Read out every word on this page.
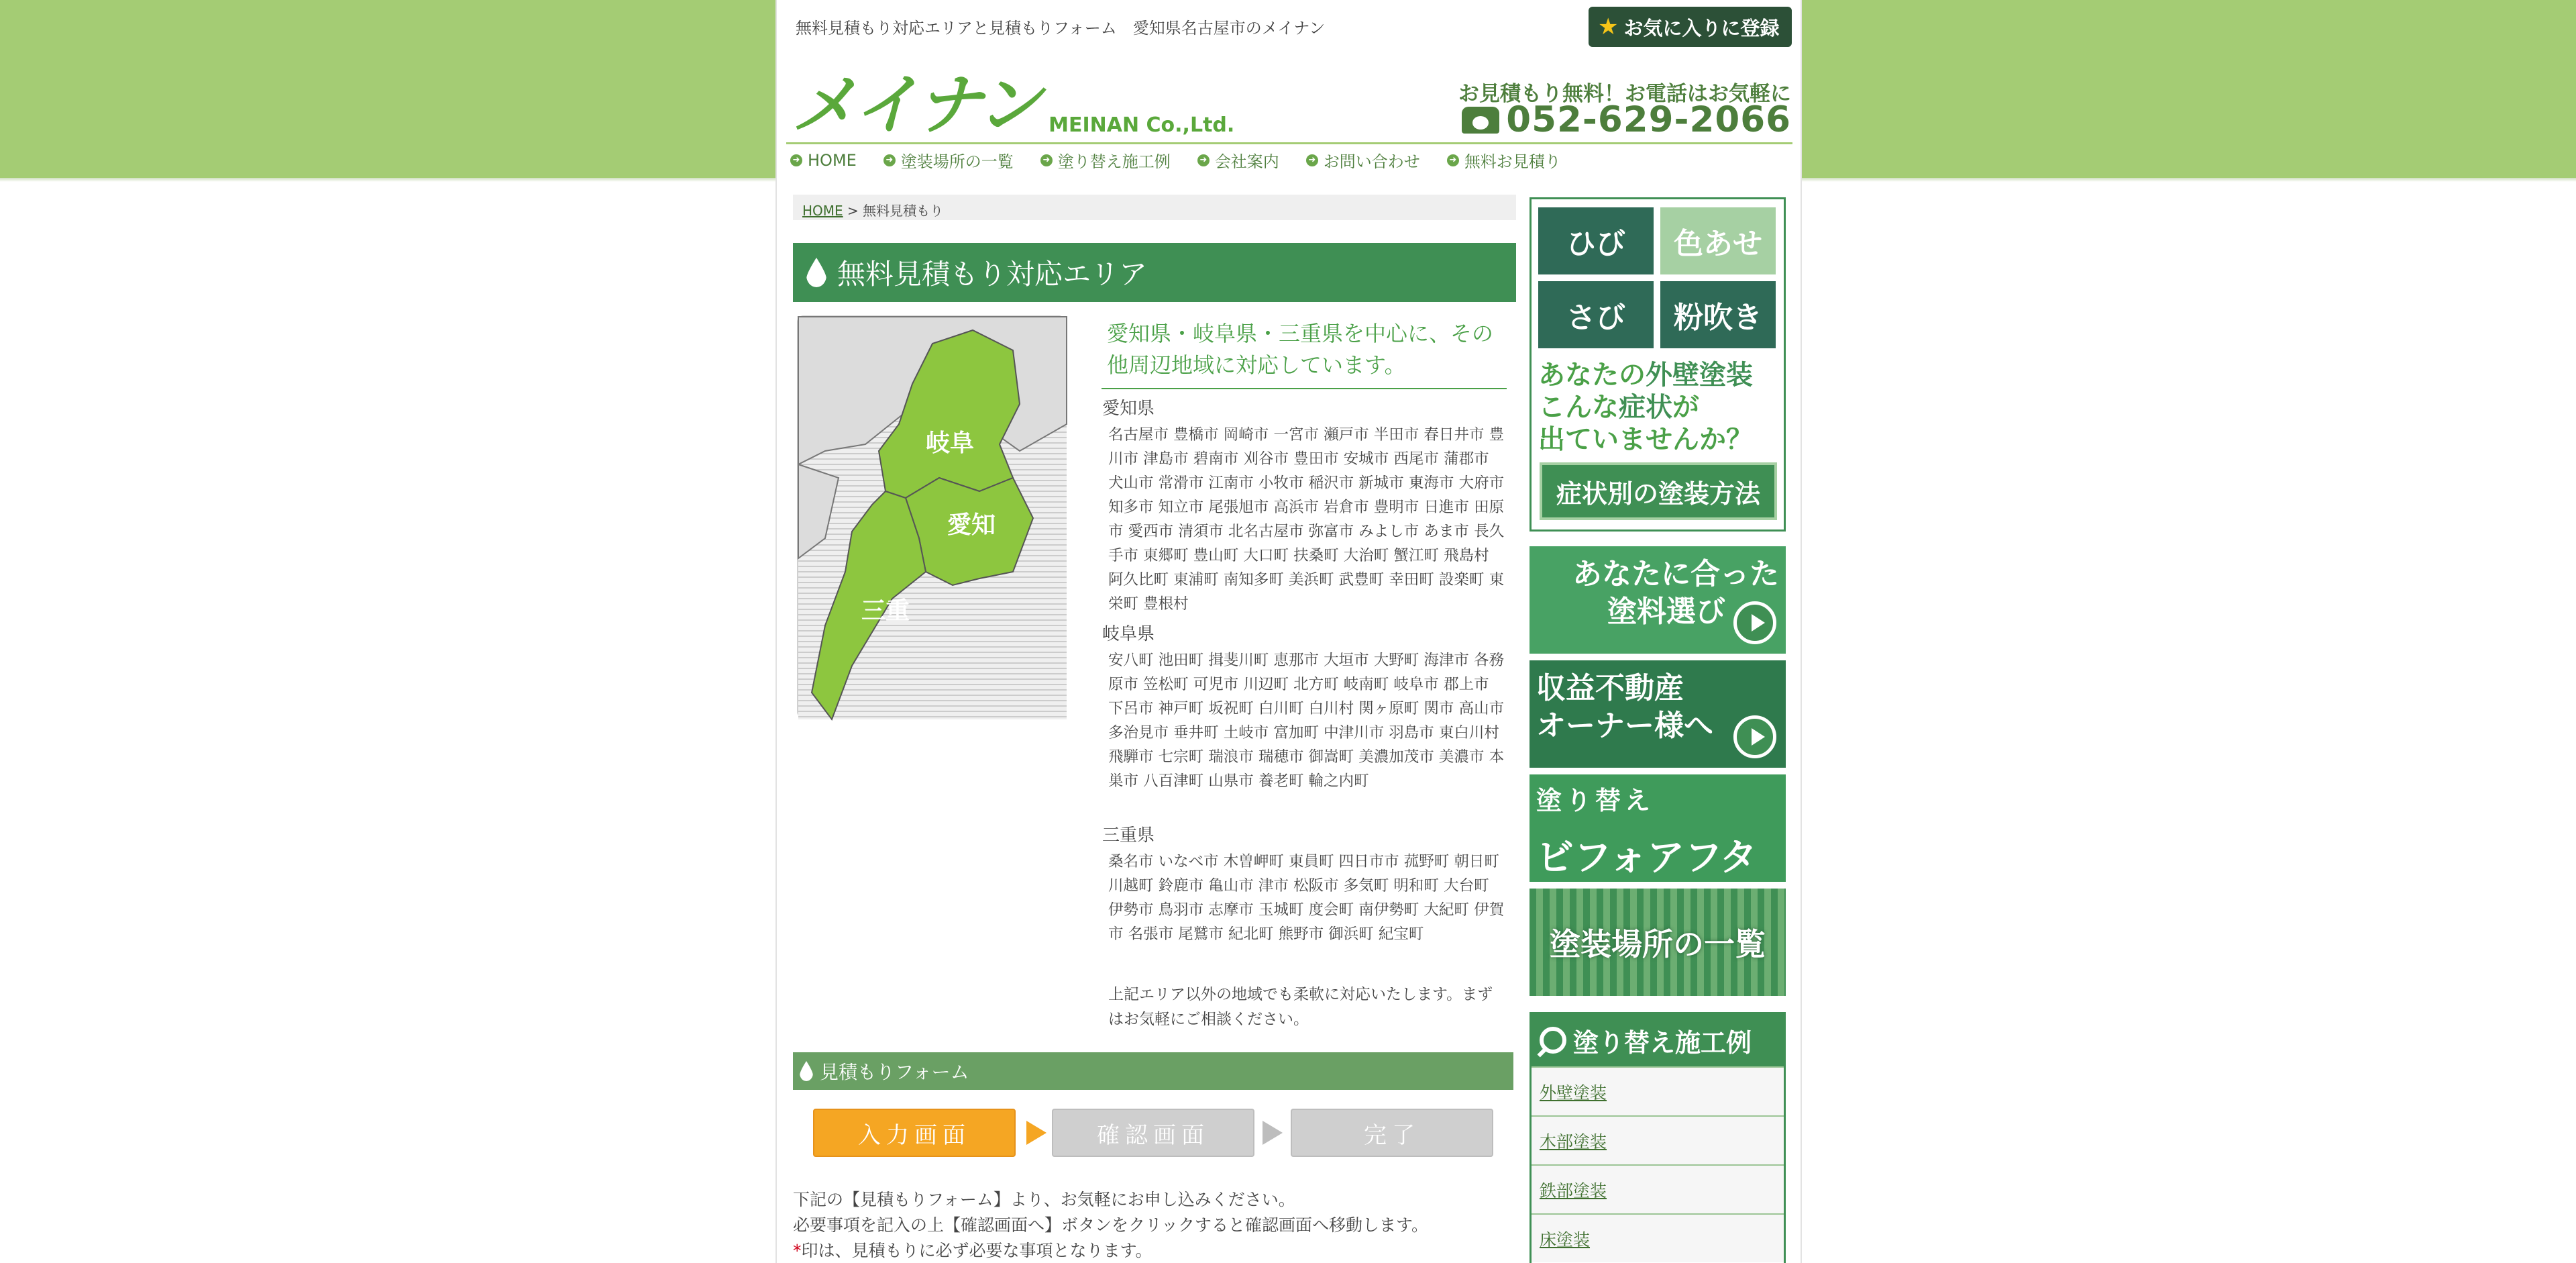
無料見積もり対応エリアと見積もりフォーム　愛知県名古屋市のメイナン	★ お気に入りに登録
メイナン MEINAN Co.,Ltd.
お見積もり無料！お電話はお気軽に
052-629-2066
➜ HOME	➜ 塗装場所の一覧	➜ 塗り替え施工例	➜ 会社案内	➜ お問い合わせ	➜ 無料お見積り
HOME > 無料見積もり
無料見積もり対応エリア
岐阜
愛知
三重
愛知県・岐阜県・三重県を中心に、その他周辺地域に対応しています。
愛知県
名古屋市 豊橋市 岡崎市 一宮市 瀬戸市 半田市 春日井市 豊川市 津島市 碧南市 刈谷市 豊田市 安城市 西尾市 蒲郡市 犬山市 常滑市 江南市 小牧市 稲沢市 新城市 東海市 大府市 知多市 知立市 尾張旭市 高浜市 岩倉市 豊明市 日進市 田原市 愛西市 清須市 北名古屋市 弥富市 みよし市 あま市 長久手市 東郷町 豊山町 大口町 扶桑町 大治町 蟹江町 飛島村 阿久比町 東浦町 南知多町 美浜町 武豊町 幸田町 設楽町 東栄町 豊根村
岐阜県
安八町 池田町 揖斐川町 恵那市 大垣市 大野町 海津市 各務原市 笠松町 可児市 川辺町 北方町 岐南町 岐阜市 郡上市 下呂市 神戸町 坂祝町 白川町 白川村 関ヶ原町 関市 高山市 多治見市 垂井町 土岐市 富加町 中津川市 羽島市 東白川村 飛騨市 七宗町 瑞浪市 瑞穂市 御嵩町 美濃加茂市 美濃市 本巣市 八百津町 山県市 養老町 輪之内町
三重県
桑名市 いなべ市 木曽岬町 東員町 四日市市 菰野町 朝日町 川越町 鈴鹿市 亀山市 津市 松阪市 多気町 明和町 大台町 伊勢市 鳥羽市 志摩市 玉城町 度会町 南伊勢町 大紀町 伊賀市 名張市 尾鷲市 紀北町 熊野市 御浜町 紀宝町
上記エリア以外の地域でも柔軟に対応いたします。まずはお気軽にご相談ください。
見積もりフォーム
入力画面	確認画面	完了
下記の【見積もりフォーム】より、お気軽にお申し込みください。
必要事項を記入の上【確認画面へ】ボタンをクリックすると確認画面へ移動します。
*印は、見積もりに必ず必要な事項となります。
ひび	色あせ
さび	粉吹き
あなたの外壁塗装
こんな症状が
出ていませんか？
症状別の塗装方法
あなたに合った
塗料選び
収益不動産
オーナー様へ
塗り替え
ビフォアフタ
塗装場所の一覧
塗り替え施工例
外壁塗装
木部塗装
鉄部塗装
床塗装
